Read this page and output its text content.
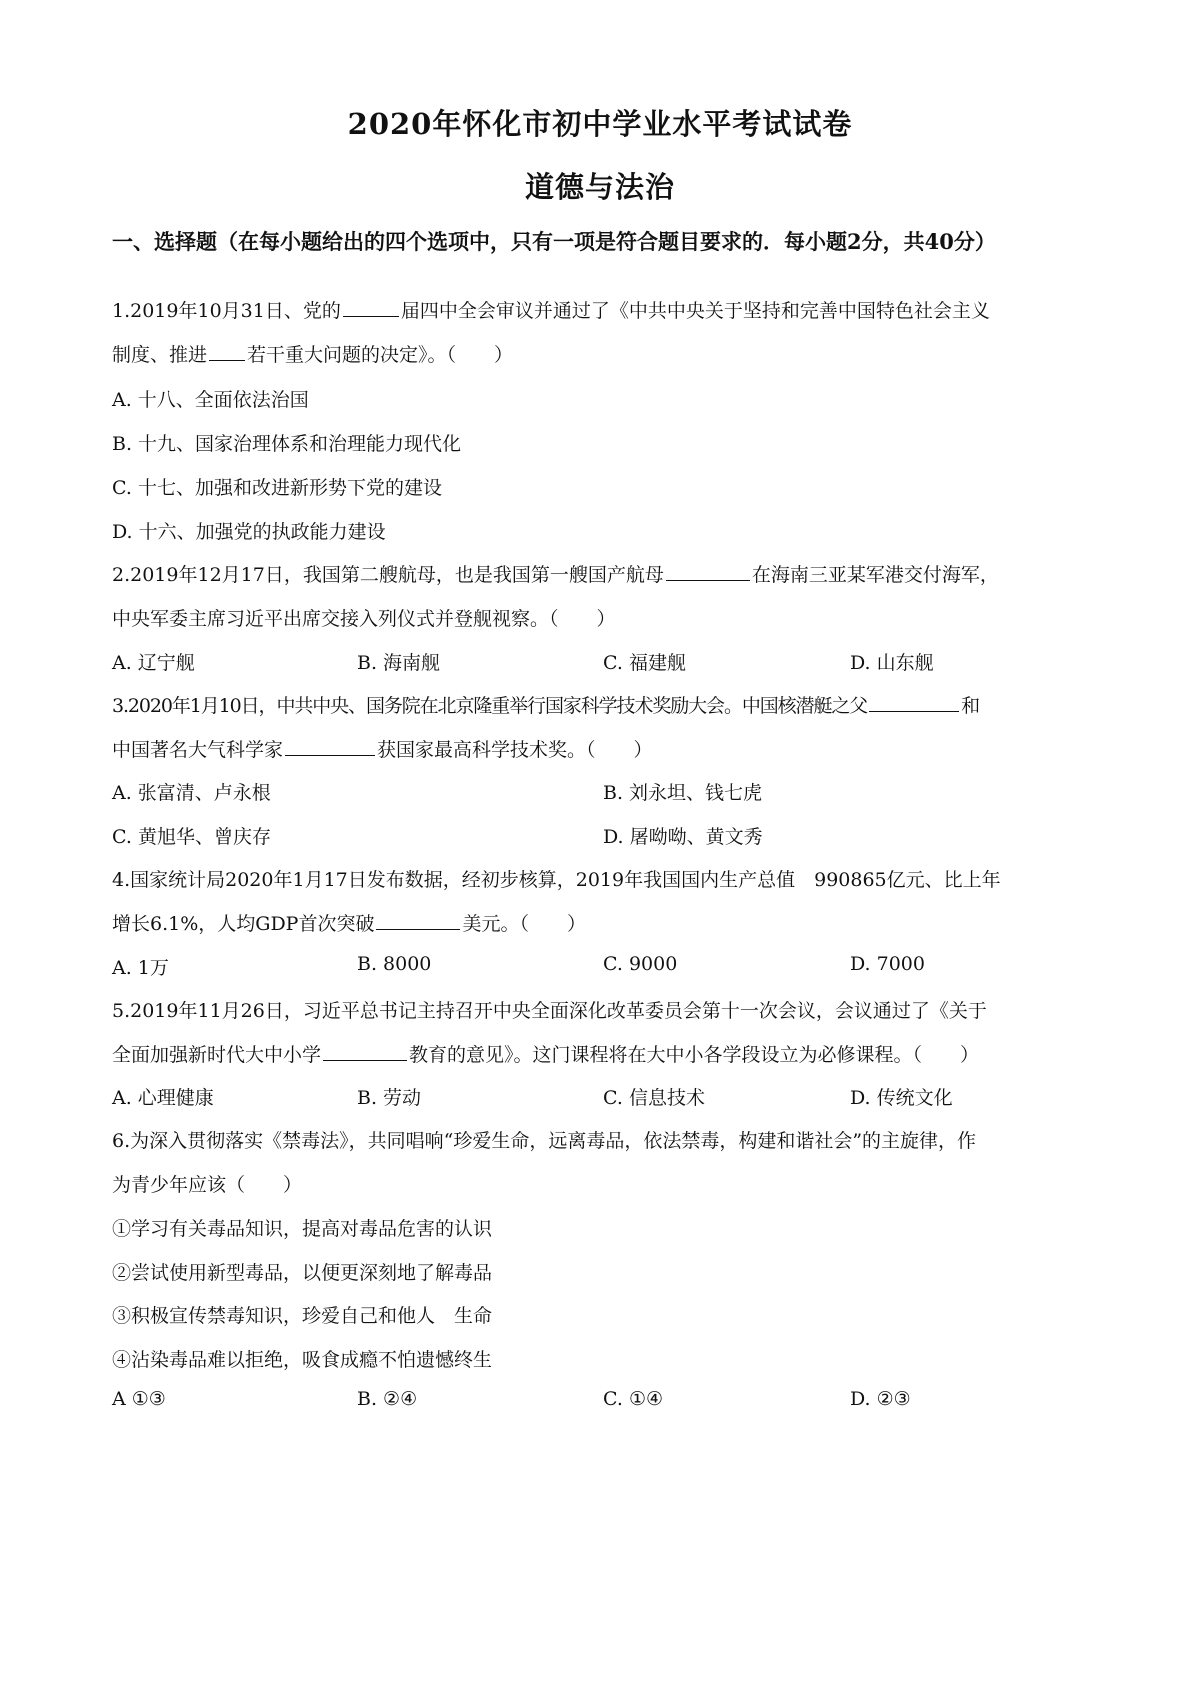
2020年怀化市初中学业水平考试试卷
道德与法治
一、选择题（在每小题给出的四个选项中，只有一项是符合题目要求的．每小题2分，共40分）
1.2019年10月31日、党的	届四中全会审议并通过了《中共中央关于坚持和完善中国特色社会主义
制度、推进 若干重大问题的决定》。（　　）
A. 十八、全面依法治国
B. 十九、国家治理体系和治理能力现代化
C. 十七、加强和改进新形势下党的建设
D. 十六、加强党的执政能力建设
2.2019年12月17日，我国第二艘航母，也是我国第一艘国产航母	在海南三亚某军港交付海军，
中央军委主席习近平出席交接入列仪式并登舰视察。（　　）
A. 辽宁舰	B. 海南舰	C. 福建舰	D. 山东舰
3.2020年1月10日，中共中央、国务院在北京隆重举行国家科学技术奖励大会。中国核潜艇之父	和
中国著名大气科学家	获国家最高科学技术奖。（　　）
A. 张富清、卢永根	B. 刘永坦、钱七虎
C. 黄旭华、曾庆存	D. 屠呦呦、黄文秀
4.国家统计局2020年1月17日发布数据，经初步核算，2019年我国国内生产总值　990865亿元、比上年
增长6.1%，人均GDP首次突破	美元。（　　）
A. 1万	B. 8000	C. 9000	D. 7000
5.2019年11月26日，习近平总书记主持召开中央全面深化改革委员会第十一次会议，会议通过了《关于
全面加强新时代大中小学	教育的意见》。这门课程将在大中小各学段设立为必修课程。（　　）
A. 心理健康	B. 劳动	C. 信息技术	D. 传统文化
6.为深入贯彻落实《禁毒法》，共同唱响“珍爱生命，远离毒品，依法禁毒，构建和谐社会”的主旋律，作
为青少年应该（　　）
①学习有关毒品知识，提高对毒品危害的认识
②尝试使用新型毒品，以便更深刻地了解毒品
③积极宣传禁毒知识，珍爱自己和他人　生命
④沾染毒品难以拒绝，吸食成瘾不怕遗憾终生
A ①③	B. ②④	C. ①④	D. ②③
